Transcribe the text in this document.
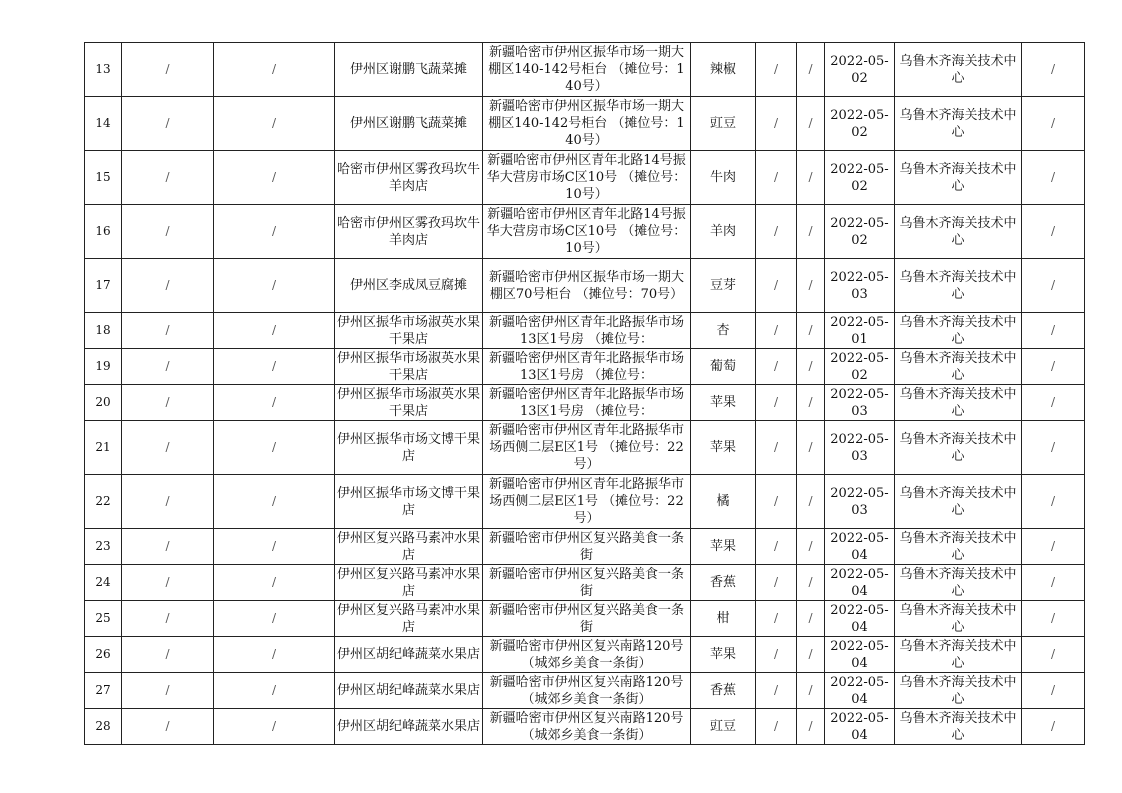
13	/	/	伊州区谢鹏飞蔬菜摊	新疆哈密市伊州区振华市场一期大棚区140-142号柜台 （摊位号：140号）	辣椒	/	/	2022-05-02	乌鲁木齐海关技术中心	/
14	/	/	伊州区谢鹏飞蔬菜摊	新疆哈密市伊州区振华市场一期大棚区140-142号柜台 （摊位号：140号）	豇豆	/	/	2022-05-02	乌鲁木齐海关技术中心	/
15	/	/	哈密市伊州区雾孜玛坎牛羊肉店	新疆哈密市伊州区青年北路14号振华大营房市场C区10号 （摊位号：10号）	牛肉	/	/	2022-05-02	乌鲁木齐海关技术中心	/
16	/	/	哈密市伊州区雾孜玛坎牛羊肉店	新疆哈密市伊州区青年北路14号振华大营房市场C区10号 （摊位号：10号）	羊肉	/	/	2022-05-02	乌鲁木齐海关技术中心	/
17	/	/	伊州区李成凤豆腐摊	新疆哈密市伊州区振华市场一期大棚区70号柜台 （摊位号：70号）	豆芽	/	/	2022-05-03	乌鲁木齐海关技术中心	/
18	/	/	伊州区振华市场淑英水果干果店	新疆哈密伊州区青年北路振华市场13区1号房 （摊位号：	杏	/	/	2022-05-01	乌鲁木齐海关技术中心	/
19	/	/	伊州区振华市场淑英水果干果店	新疆哈密伊州区青年北路振华市场13区1号房 （摊位号：	葡萄	/	/	2022-05-02	乌鲁木齐海关技术中心	/
20	/	/	伊州区振华市场淑英水果干果店	新疆哈密伊州区青年北路振华市场13区1号房 （摊位号：	苹果	/	/	2022-05-03	乌鲁木齐海关技术中心	/
21	/	/	伊州区振华市场文博干果店	新疆哈密市伊州区青年北路振华市场西侧二层E区1号 （摊位号：22号）	苹果	/	/	2022-05-03	乌鲁木齐海关技术中心	/
22	/	/	伊州区振华市场文博干果店	新疆哈密市伊州区青年北路振华市场西侧二层E区1号 （摊位号：22号）	橘	/	/	2022-05-03	乌鲁木齐海关技术中心	/
23	/	/	伊州区复兴路马素冲水果店	新疆哈密市伊州区复兴路美食一条街	苹果	/	/	2022-05-04	乌鲁木齐海关技术中心	/
24	/	/	伊州区复兴路马素冲水果店	新疆哈密市伊州区复兴路美食一条街	香蕉	/	/	2022-05-04	乌鲁木齐海关技术中心	/
25	/	/	伊州区复兴路马素冲水果店	新疆哈密市伊州区复兴路美食一条街	柑	/	/	2022-05-04	乌鲁木齐海关技术中心	/
26	/	/	伊州区胡纪峰蔬菜水果店	新疆哈密市伊州区复兴南路120号（城郊乡美食一条街）	苹果	/	/	2022-05-04	乌鲁木齐海关技术中心	/
27	/	/	伊州区胡纪峰蔬菜水果店	新疆哈密市伊州区复兴南路120号（城郊乡美食一条街）	香蕉	/	/	2022-05-04	乌鲁木齐海关技术中心	/
28	/	/	伊州区胡纪峰蔬菜水果店	新疆哈密市伊州区复兴南路120号（城郊乡美食一条街）	豇豆	/	/	2022-05-04	乌鲁木齐海关技术中心	/
